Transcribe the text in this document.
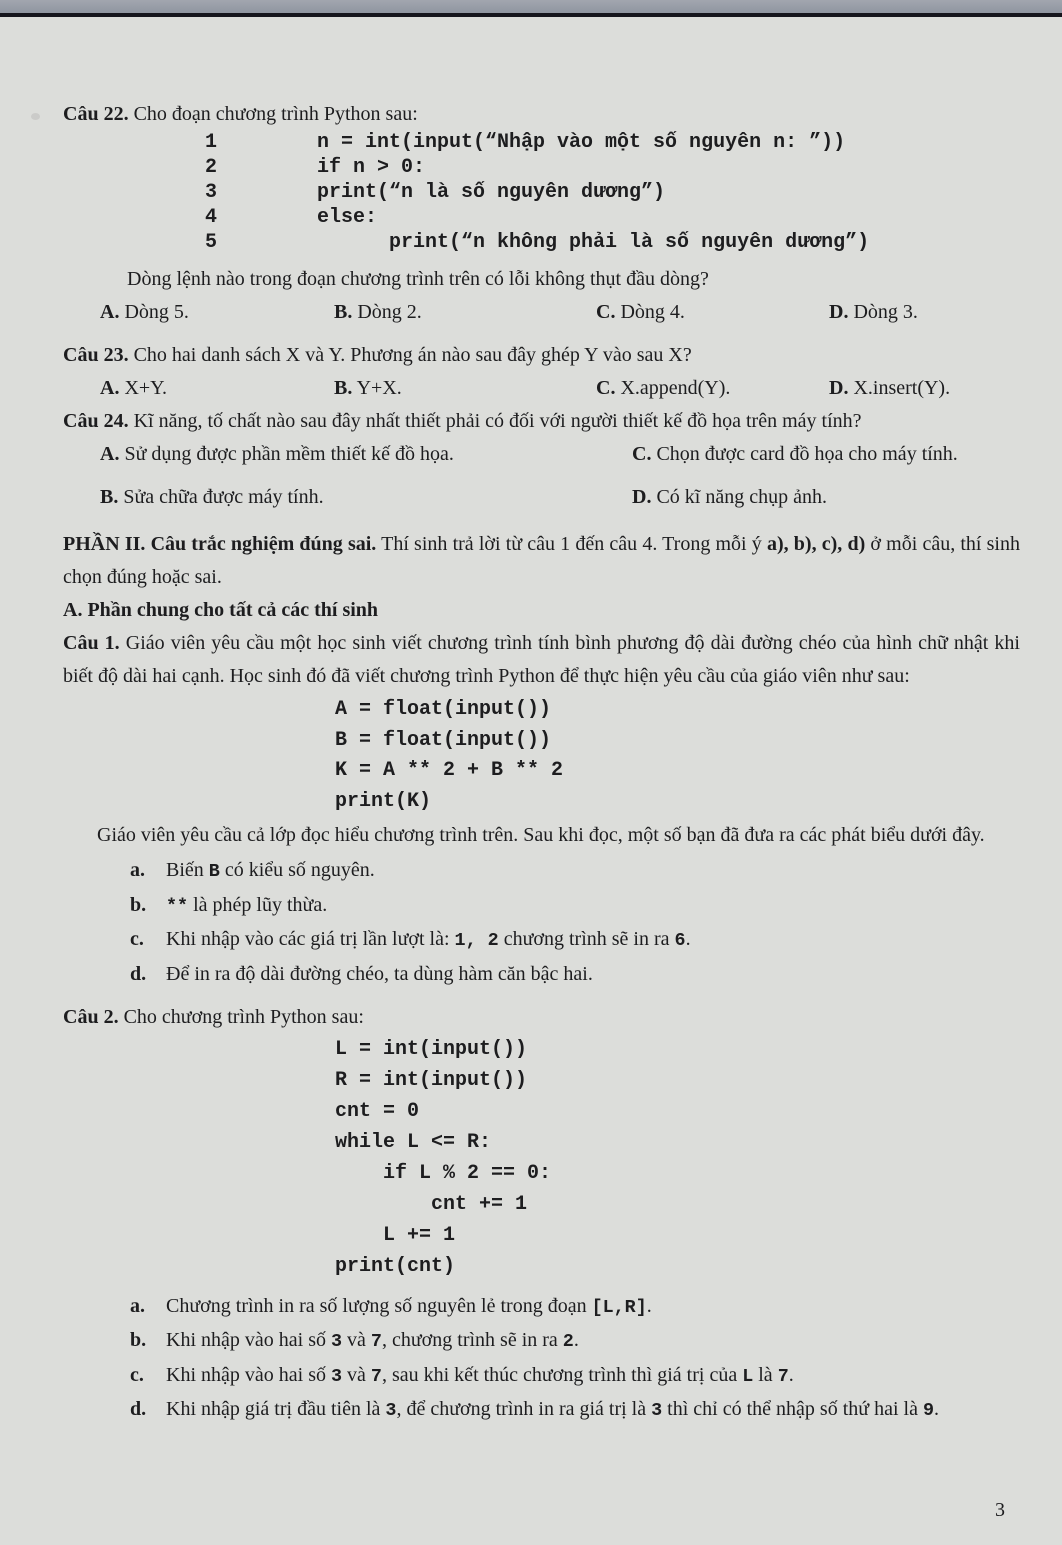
Câu 22. Cho đoạn chương trình Python sau:
1	n = int(input(“Nhập vào một số nguyên n: ”))
2	if n > 0:
3	print(“n là số nguyên dương”)
4	else:
5	print(“n không phải là số nguyên dương”)
Dòng lệnh nào trong đoạn chương trình trên có lỗi không thụt đầu dòng?
A. Dòng 5.	B. Dòng 2.	C. Dòng 4.	D. Dòng 3.
Câu 23. Cho hai danh sách X và Y. Phương án nào sau đây ghép Y vào sau X?
A. X+Y.	B. Y+X.	C. X.append(Y).	D. X.insert(Y).
Câu 24. Kĩ năng, tố chất nào sau đây nhất thiết phải có đối với người thiết kế đồ họa trên máy tính?
A. Sử dụng được phần mềm thiết kế đồ họa.	C. Chọn được card đồ họa cho máy tính.
B. Sửa chữa được máy tính.	D. Có kĩ năng chụp ảnh.
PHẦN II. Câu trắc nghiệm đúng sai. Thí sinh trả lời từ câu 1 đến câu 4. Trong mỗi ý a), b), c), d) ở mỗi câu, thí sinh chọn đúng hoặc sai.
A. Phần chung cho tất cả các thí sinh
Câu 1. Giáo viên yêu cầu một học sinh viết chương trình tính bình phương độ dài đường chéo của hình chữ nhật khi biết độ dài hai cạnh. Học sinh đó đã viết chương trình Python để thực hiện yêu cầu của giáo viên như sau:
A = float(input())
B = float(input())
K = A ** 2 + B ** 2
print(K)
Giáo viên yêu cầu cả lớp đọc hiểu chương trình trên. Sau khi đọc, một số bạn đã đưa ra các phát biểu dưới đây.
a.	Biến B có kiểu số nguyên.
b.	** là phép lũy thừa.
c.	Khi nhập vào các giá trị lần lượt là: 1, 2 chương trình sẽ in ra 6.
d. Để in ra độ dài đường chéo, ta dùng hàm căn bậc hai.
Câu 2. Cho chương trình Python sau:
L = int(input())
R = int(input())
cnt = 0
while L <= R:
if L % 2 == 0:
cnt += 1
L += 1
print(cnt)
a.	Chương trình in ra số lượng số nguyên lẻ trong đoạn [L,R].
b. Khi nhập vào hai số 3 và 7, chương trình sẽ in ra 2.
c.	Khi nhập vào hai số 3 và 7, sau khi kết thúc chương trình thì giá trị của L là 7.
d. Khi nhập giá trị đầu tiên là 3, để chương trình in ra giá trị là 3 thì chỉ có thể nhập số thứ hai là 9.
3
